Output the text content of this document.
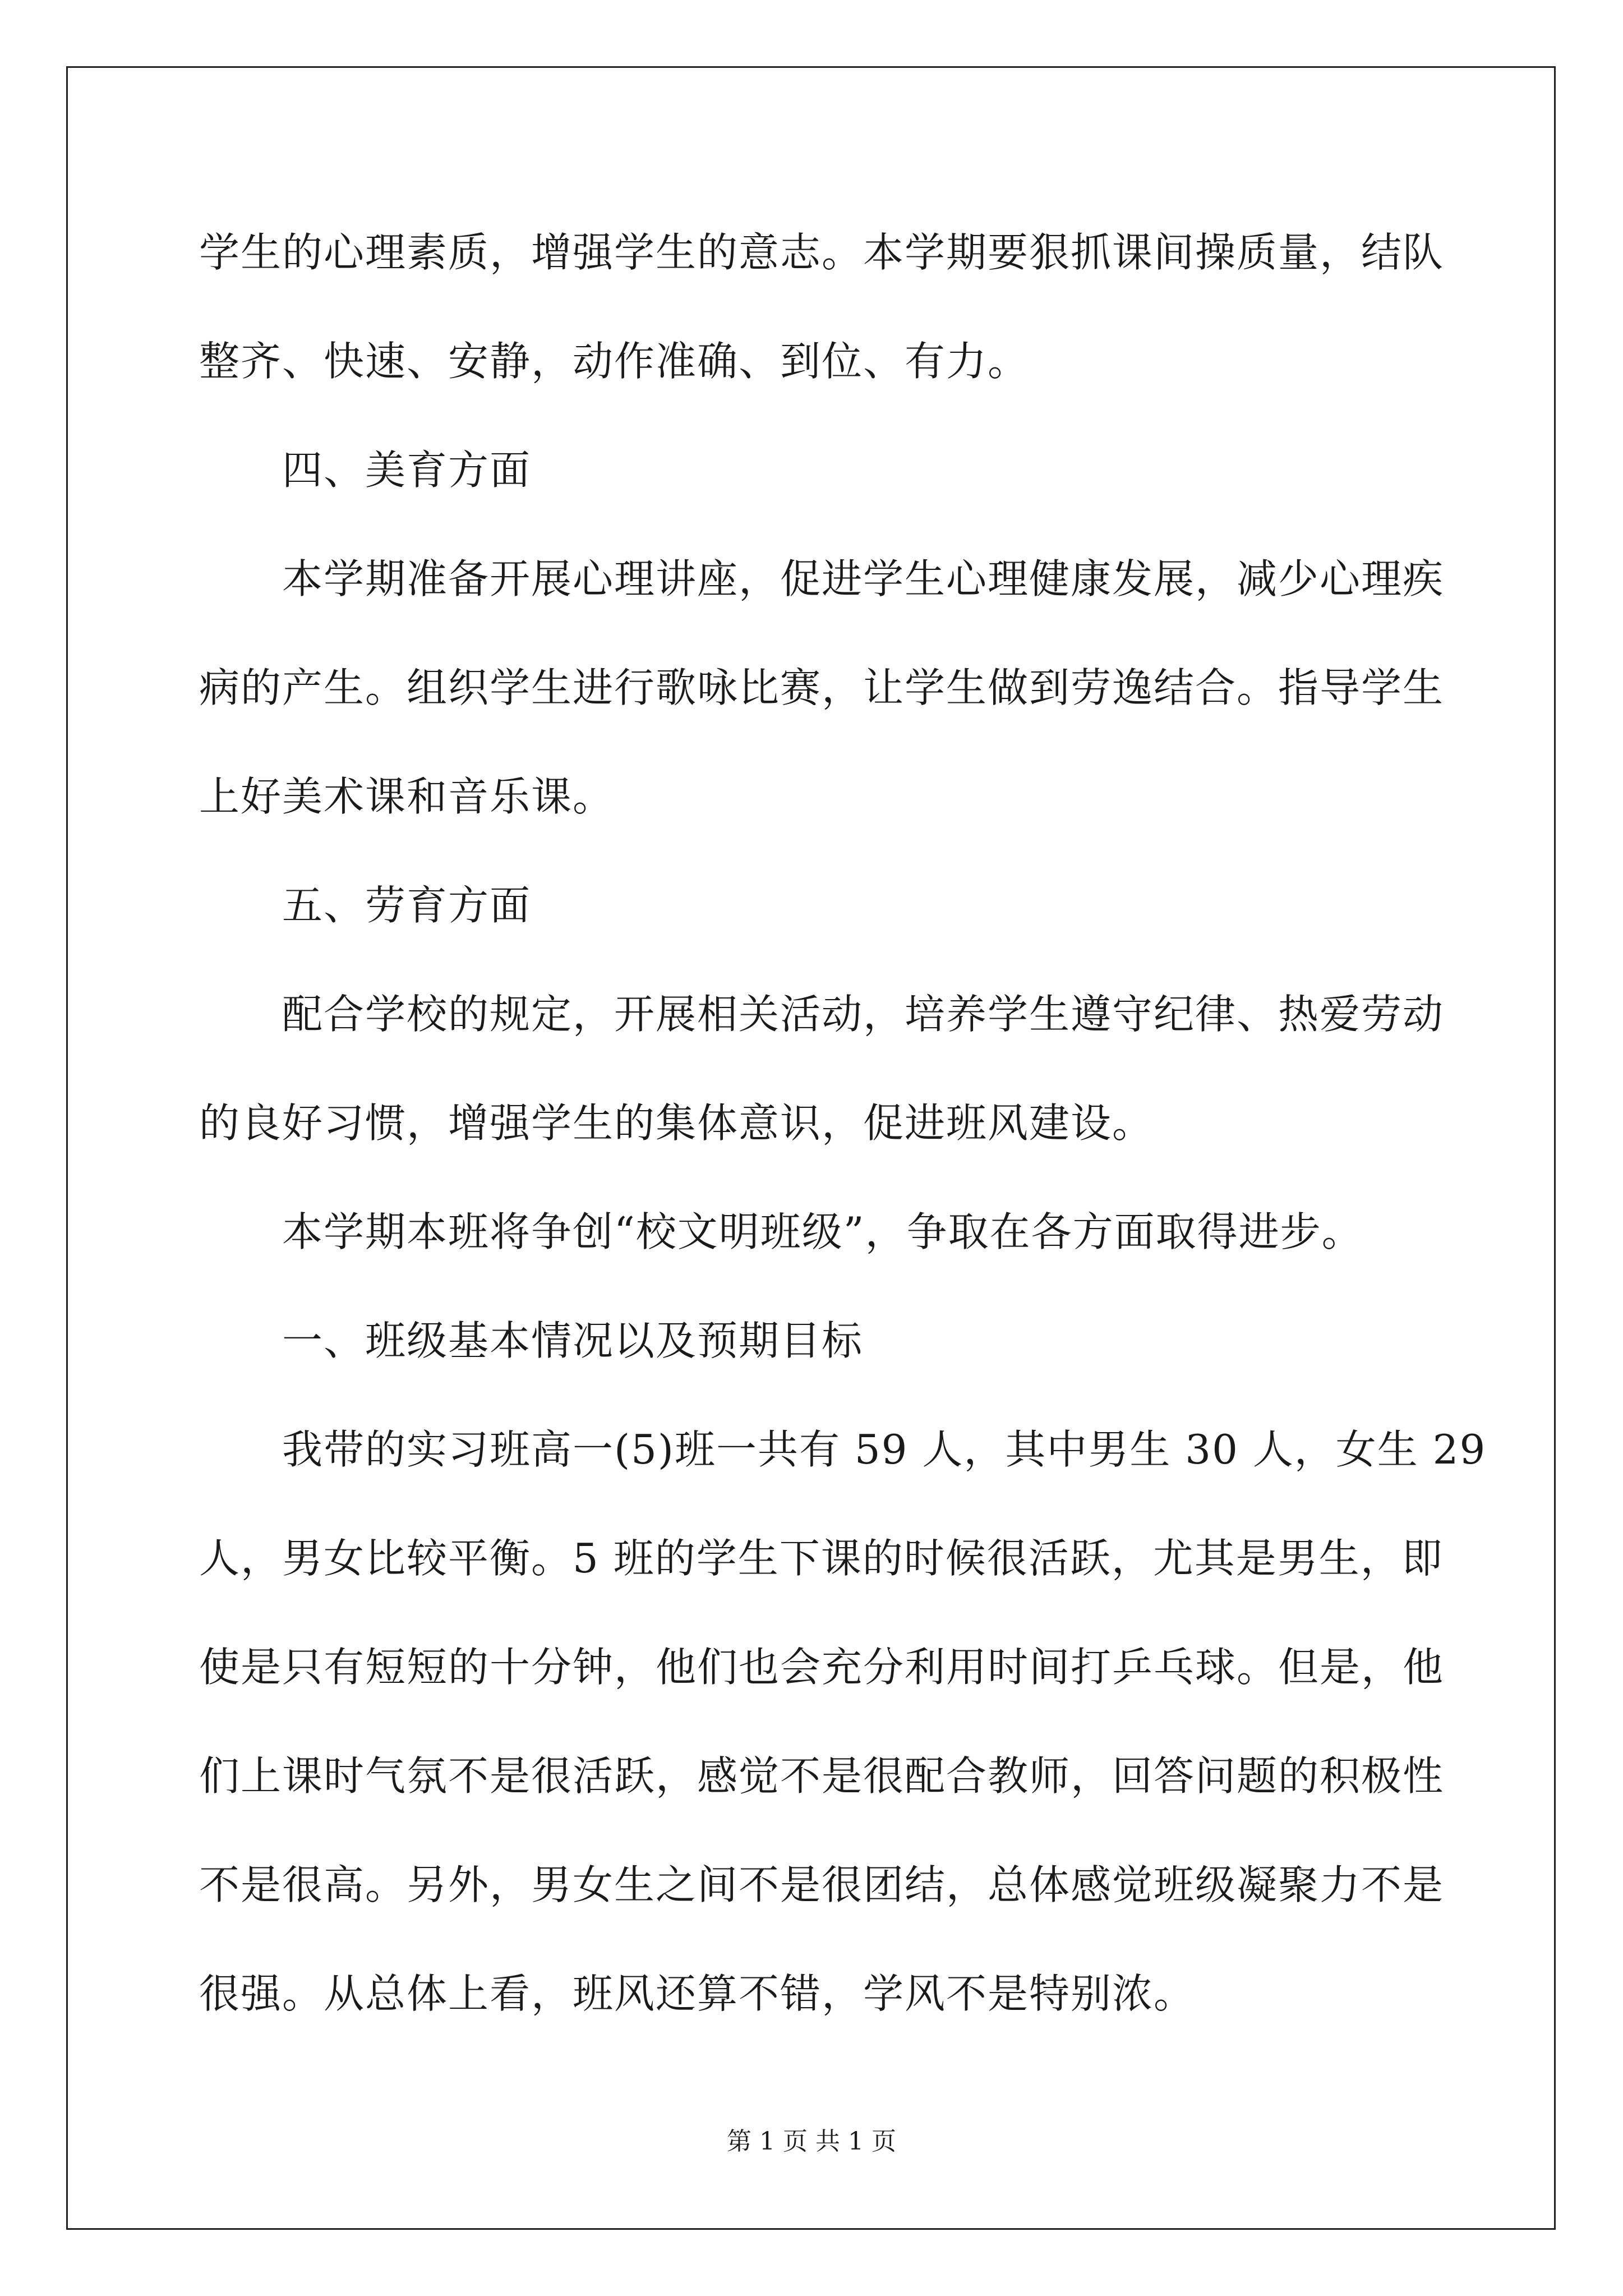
学生的心理素质，增强学生的意志。本学期要狠抓课间操质量，结队
整齐、快速、安静，动作准确、到位、有力。
四、美育方面
本学期准备开展心理讲座，促进学生心理健康发展，减少心理疾
病的产生。组织学生进行歌咏比赛，让学生做到劳逸结合。指导学生
上好美术课和音乐课。
五、劳育方面
配合学校的规定，开展相关活动，培养学生遵守纪律、热爱劳动
的良好习惯，增强学生的集体意识，促进班风建设。
本学期本班将争创“校文明班级”，争取在各方面取得进步。
一、班级基本情况以及预期目标
我带的实习班高一(5)班一共有 59 人，其中男生 30 人，女生 29
人，男女比较平衡。5 班的学生下课的时候很活跃，尤其是男生，即
使是只有短短的十分钟，他们也会充分利用时间打乒乓球。但是，他
们上课时气氛不是很活跃，感觉不是很配合教师，回答问题的积极性
不是很高。另外，男女生之间不是很团结，总体感觉班级凝聚力不是
很强。从总体上看，班风还算不错，学风不是特别浓。
第 1 页 共 1 页
